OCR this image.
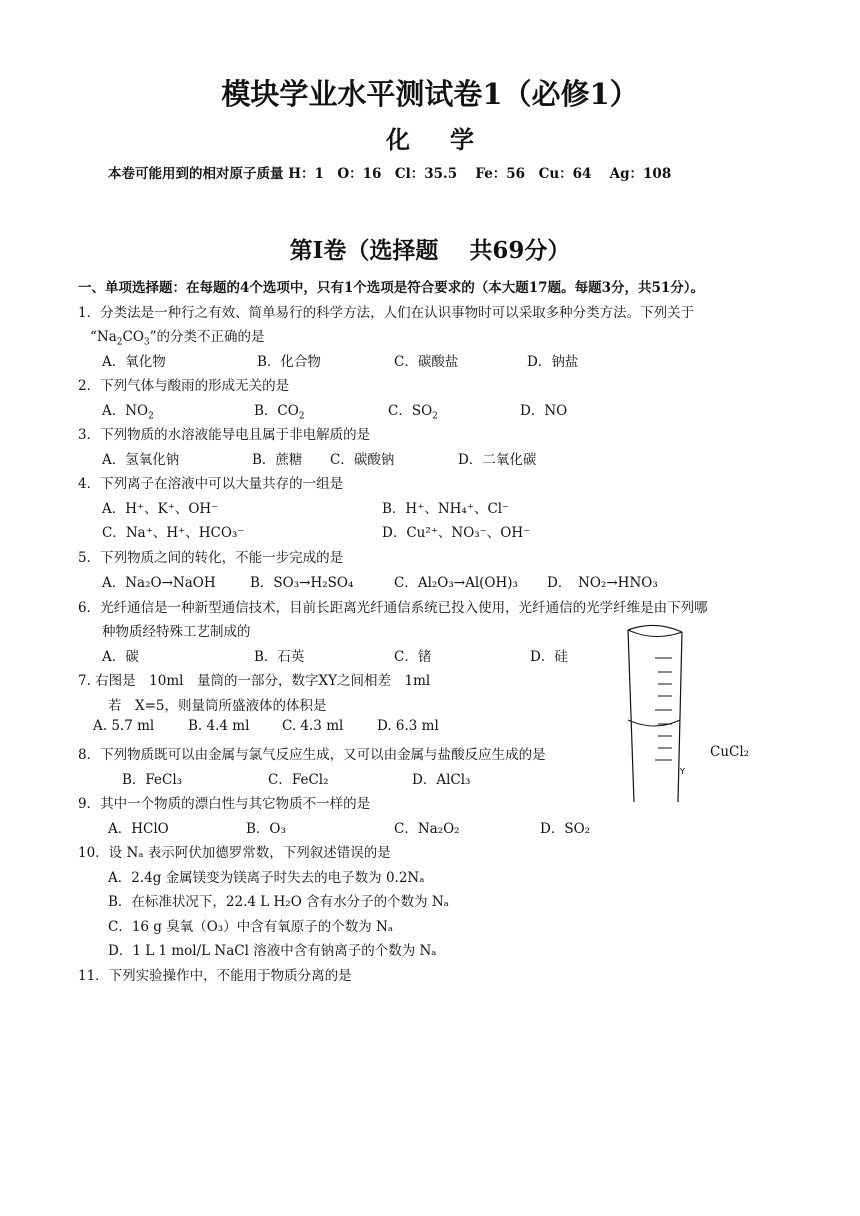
模块学业水平测试卷1（必修1）
化学
本卷可能用到的相对原子质量 H：1　O：16　Cl：35.5　 Fe：56　Cu：64　 Ag：108
第I卷（选择题　 共69分）
一、单项选择题：在每题的4个选项中，只有1个选项是符合要求的（本大题17题。每题3分，共51分）。
1．分类法是一种行之有效、简单易行的科学方法，人们在认识事物时可以采取多种分类方法。下列关于
“$Na_2CO_3$”的分类不正确的是
A．氧化物	B．化合物	C．碳酸盐	D．钠盐
2．下列气体与酸雨的形成无关的是
A．$NO_2$	B．$CO_2$	C．$SO_2$	D．NO
3．下列物质的水溶液能导电且属于非电解质的是
A．氢氧化钠	B．蔗糖 C．碳酸钠	D．二氧化碳
4．下列离子在溶液中可以大量共存的一组是
A．H⁺、K⁺、OH⁻	B．H⁺、NH₄⁺、Cl⁻
C．Na⁺、H⁺、HCO₃⁻	D．Cu²⁺、NO₃⁻、OH⁻
5．下列物质之间的转化，不能一步完成的是
A．Na₂O→NaOH	B．SO₃→H₂SO₄	C．Al₂O₃→Al(OH)₃ D．　NO₂→HNO₃
6．光纤通信是一种新型通信技术，目前长距离光纤通信系统已投入使用，光纤通信的光学纤维是由下列哪
种物质经特殊工艺制成的
A．碳	B．石英	C．锗	D．硅
7. 右图是　10ml　量筒的一部分，数字XY之间相差　1ml
若　X=5，则量筒所盛液体的体积是
A. 5.7 ml	B. 4.4 ml C. 4.3 ml D. 6.3 ml
Y
8．下列物质既可以由金属与氯气反应生成，又可以由金属与盐酸反应生成的是	CuCl₂
B．FeCl₃	C．FeCl₂	D．AlCl₃
9．其中一个物质的漂白性与其它物质不一样的是
A．HClO	B．O₃	C．Na₂O₂	D．SO₂
10．设 Nₐ 表示阿伏加德罗常数，下列叙述错误的是
A．2.4g 金属镁变为镁离子时失去的电子数为 0.2Nₐ
B．在标准状况下，22.4 L H₂O 含有水分子的个数为 Nₐ
C．16 g 臭氧（O₃）中含有氧原子的个数为 Nₐ
D．1 L 1 mol/L NaCl 溶液中含有钠离子的个数为 Nₐ
11．下列实验操作中，不能用于物质分离的是
